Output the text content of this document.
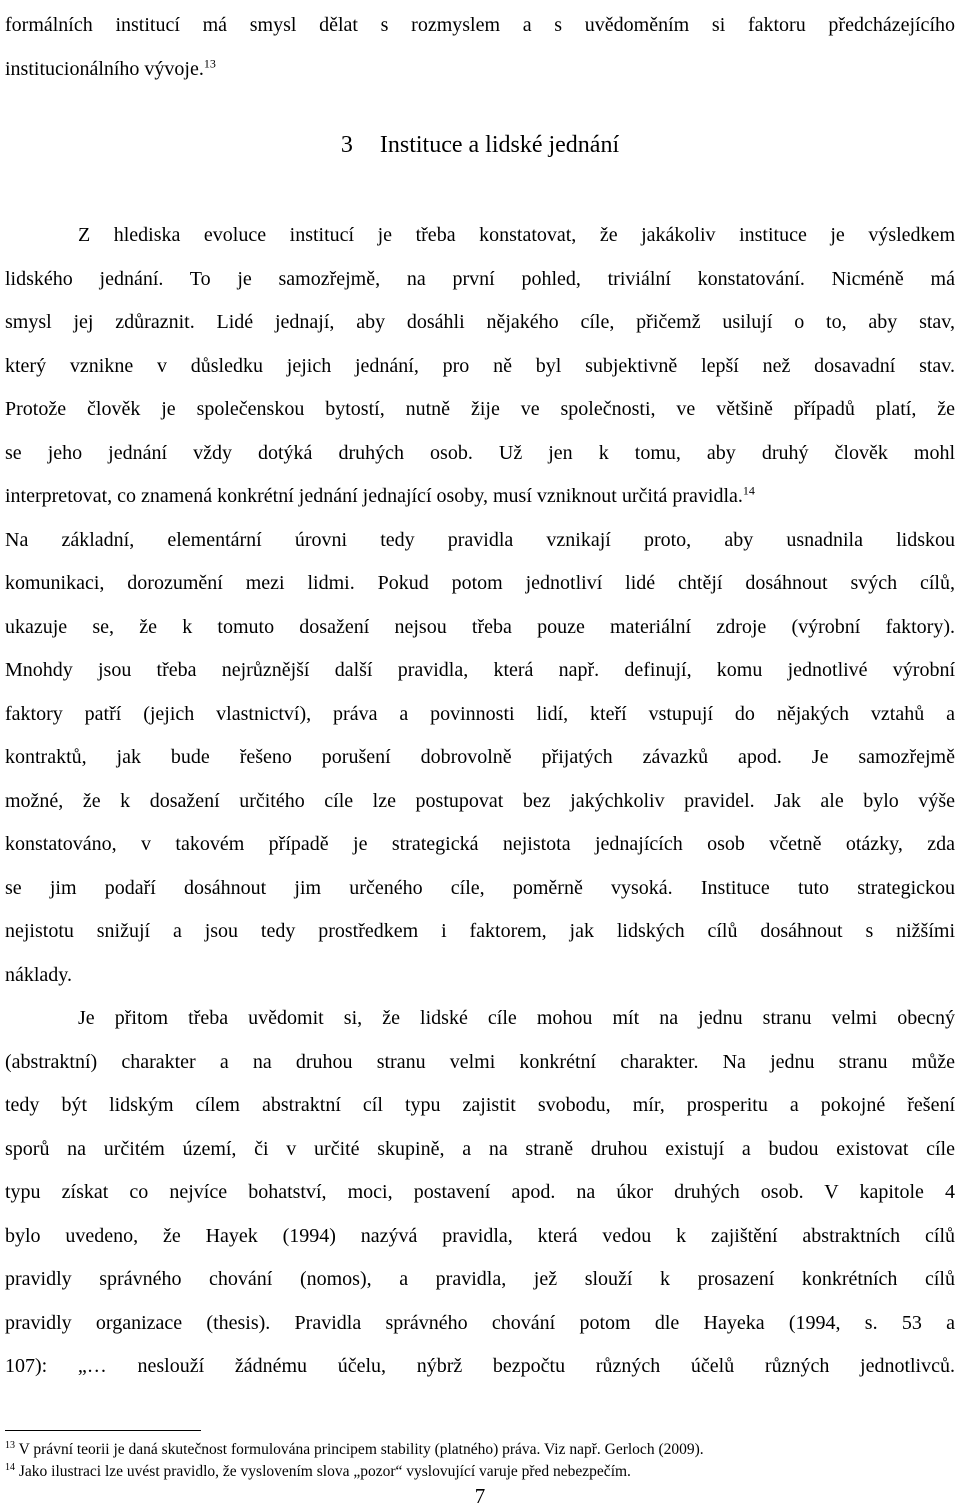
formálních institucí má smysl dělat s rozmyslem a s uvědoměním si faktoru předcházejícího
institucionálního vývoje.$^{13}$
3 Instituce a lidské jednání
Z hlediska evoluce institucí je třeba konstatovat, že jakákoliv instituce je výsledkem
lidského jednání. To je samozřejmě, na první pohled, triviální konstatování. Nicméně má
smysl jej zdůraznit. Lidé jednají, aby dosáhli nějakého cíle, přičemž usilují o to, aby stav,
který vznikne v důsledku jejich jednání, pro ně byl subjektivně lepší než dosavadní stav.
Protože člověk je společenskou bytostí, nutně žije ve společnosti, ve většině případů platí, že
se jeho jednání vždy dotýká druhých osob. Už jen k tomu, aby druhý člověk mohl
interpretovat, co znamená konkrétní jednání jednající osoby, musí vzniknout určitá pravidla.$^{14}$
Na základní, elementární úrovni tedy pravidla vznikají proto, aby usnadnila lidskou
komunikaci, dorozumění mezi lidmi. Pokud potom jednotliví lidé chtějí dosáhnout svých cílů,
ukazuje se, že k tomuto dosažení nejsou třeba pouze materiální zdroje (výrobní faktory).
Mnohdy jsou třeba nejrůznější další pravidla, která např. definují, komu jednotlivé výrobní
faktory patří (jejich vlastnictví), práva a povinnosti lidí, kteří vstupují do nějakých vztahů a
kontraktů, jak bude řešeno porušení dobrovolně přijatých závazků apod. Je samozřejmě
možné, že k dosažení určitého cíle lze postupovat bez jakýchkoliv pravidel. Jak ale bylo výše
konstatováno, v takovém případě je strategická nejistota jednajících osob včetně otázky, zda
se jim podaří dosáhnout jim určeného cíle, poměrně vysoká. Instituce tuto strategickou
nejistotu snižují a jsou tedy prostředkem i faktorem, jak lidských cílů dosáhnout s nižšími
náklady.
Je přitom třeba uvědomit si, že lidské cíle mohou mít na jednu stranu velmi obecný
(abstraktní) charakter a na druhou stranu velmi konkrétní charakter. Na jednu stranu může
tedy být lidským cílem abstraktní cíl typu zajistit svobodu, mír, prosperitu a pokojné řešení
sporů na určitém území, či v určité skupině, a na straně druhou existují a budou existovat cíle
typu získat co nejvíce bohatství, moci, postavení apod. na úkor druhých osob. V kapitole 4
bylo uvedeno, že Hayek (1994) nazývá pravidla, která vedou k zajištění abstraktních cílů
pravidly správného chování (nomos), a pravidla, jež slouží k prosazení konkrétních cílů
pravidly organizace (thesis). Pravidla správného chování potom dle Hayeka (1994, s. 53 a
107): „… neslouží žádnému účelu, nýbrž bezpočtu různých účelů různých jednotlivců.
$^{13}$ V právní teorii je daná skutečnost formulována principem stability (platného) práva. Viz např. Gerloch (2009).
$^{14}$ Jako ilustraci lze uvést pravidlo, že vyslovením slova „pozor“ vyslovující varuje před nebezpečím.
7
